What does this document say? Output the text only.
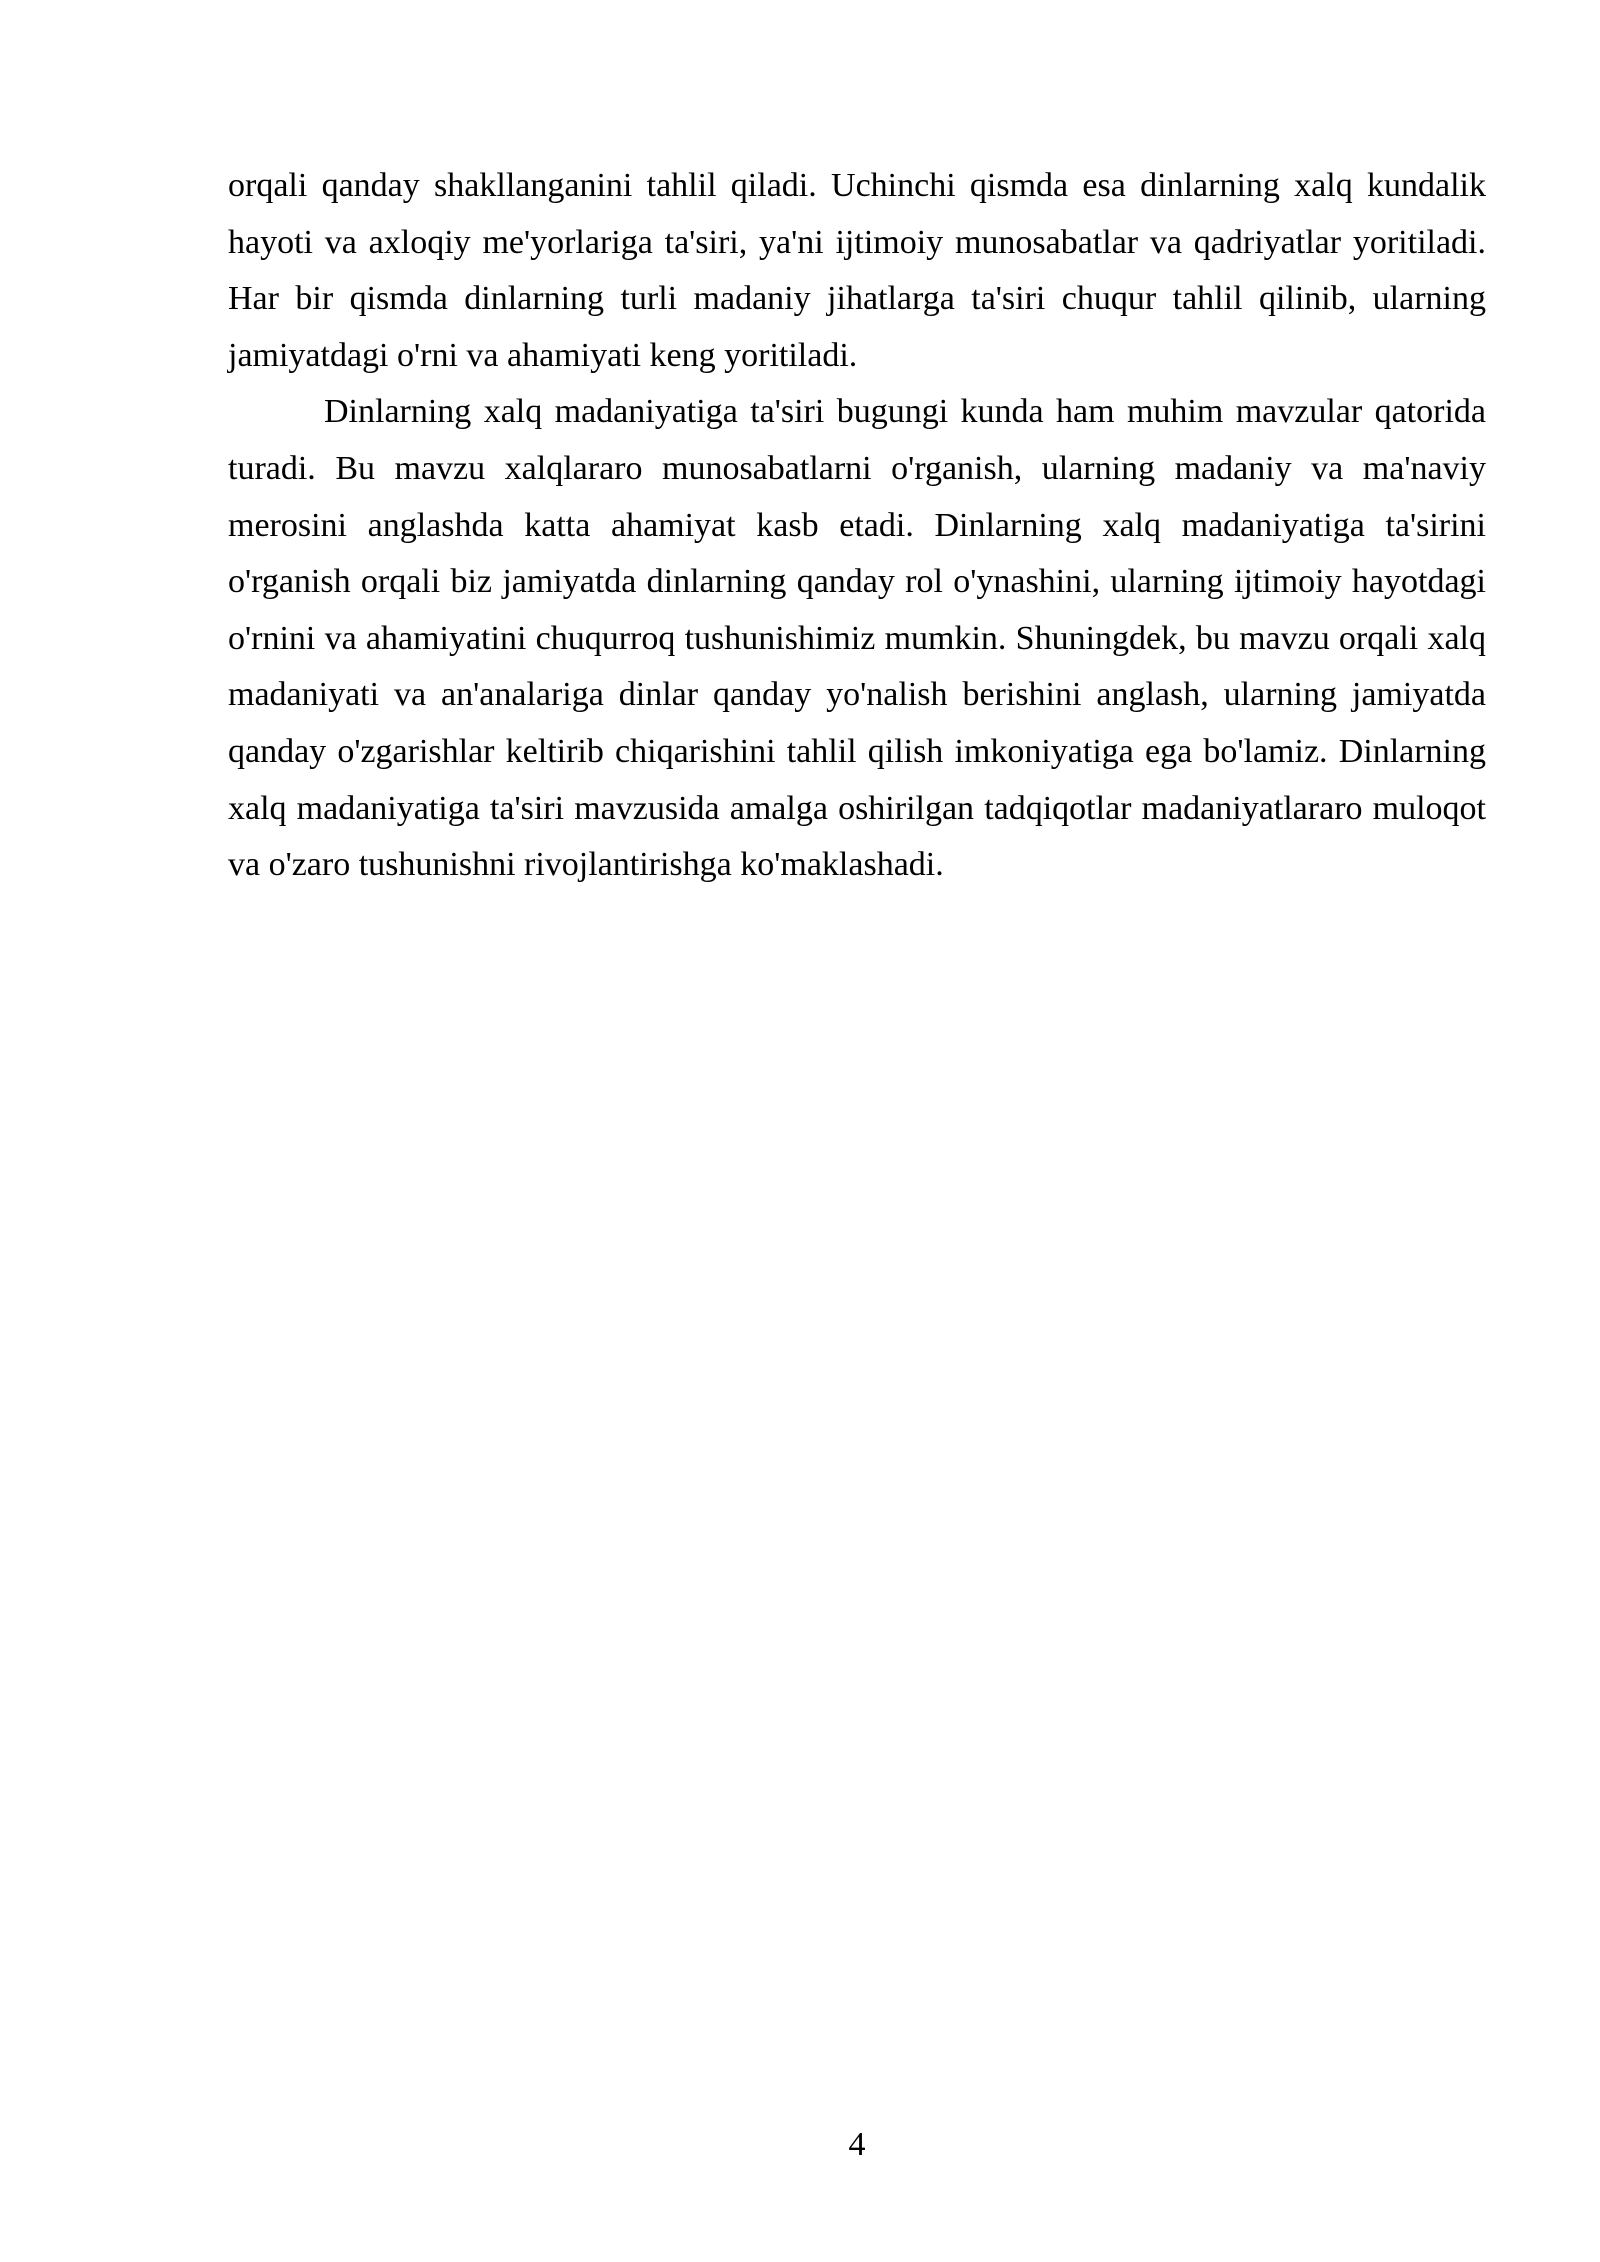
orqali qanday shakllanganini tahlil qiladi. Uchinchi qismda esa dinlarning xalq kundalik hayoti va axloqiy me'yorlariga ta'siri, ya'ni ijtimoiy munosabatlar va qadriyatlar yoritiladi. Har bir qismda dinlarning turli madaniy jihatlarga ta'siri chuqur tahlil qilinib, ularning jamiyatdagi o'rni va ahamiyati keng yoritiladi.

Dinlarning xalq madaniyatiga ta'siri bugungi kunda ham muhim mavzular qatorida turadi. Bu mavzu xalqlararo munosabatlarni o'rganish, ularning madaniy va ma'naviy merosini anglashda katta ahamiyat kasb etadi. Dinlarning xalq madaniyatiga ta'sirini o'rganish orqali biz jamiyatda dinlarning qanday rol o'ynashini, ularning ijtimoiy hayotdagi o'rnini va ahamiyatini chuqurroq tushunishimiz mumkin. Shuningdek, bu mavzu orqali xalq madaniyati va an'analariga dinlar qanday yo'nalish berishini anglash, ularning jamiyatda qanday o'zgarishlar keltirib chiqarishini tahlil qilish imkoniyatiga ega bo'lamiz. Dinlarning xalq madaniyatiga ta'siri mavzusida amalga oshirilgan tadqiqotlar madaniyatlararo muloqot va o'zaro tushunishni rivojlantirishga ko'maklashadi.

4
